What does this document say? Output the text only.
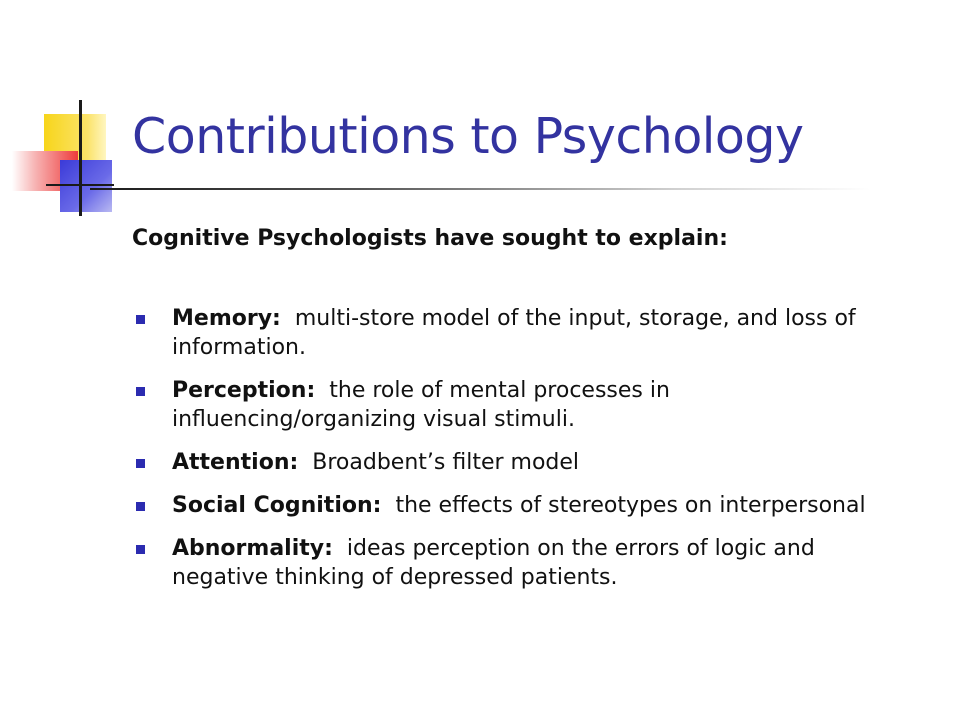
Contributions to Psychology
Cognitive Psychologists have sought to explain:
Memory: multi-store model of the input, storage, and loss of information.
Perception: the role of mental processes in influencing/organizing visual stimuli.
Attention: Broadbent’s filter model
Social Cognition: the effects of stereotypes on interpersonal
Abnormality: ideas perception on the errors of logic and negative thinking of depressed patients.
